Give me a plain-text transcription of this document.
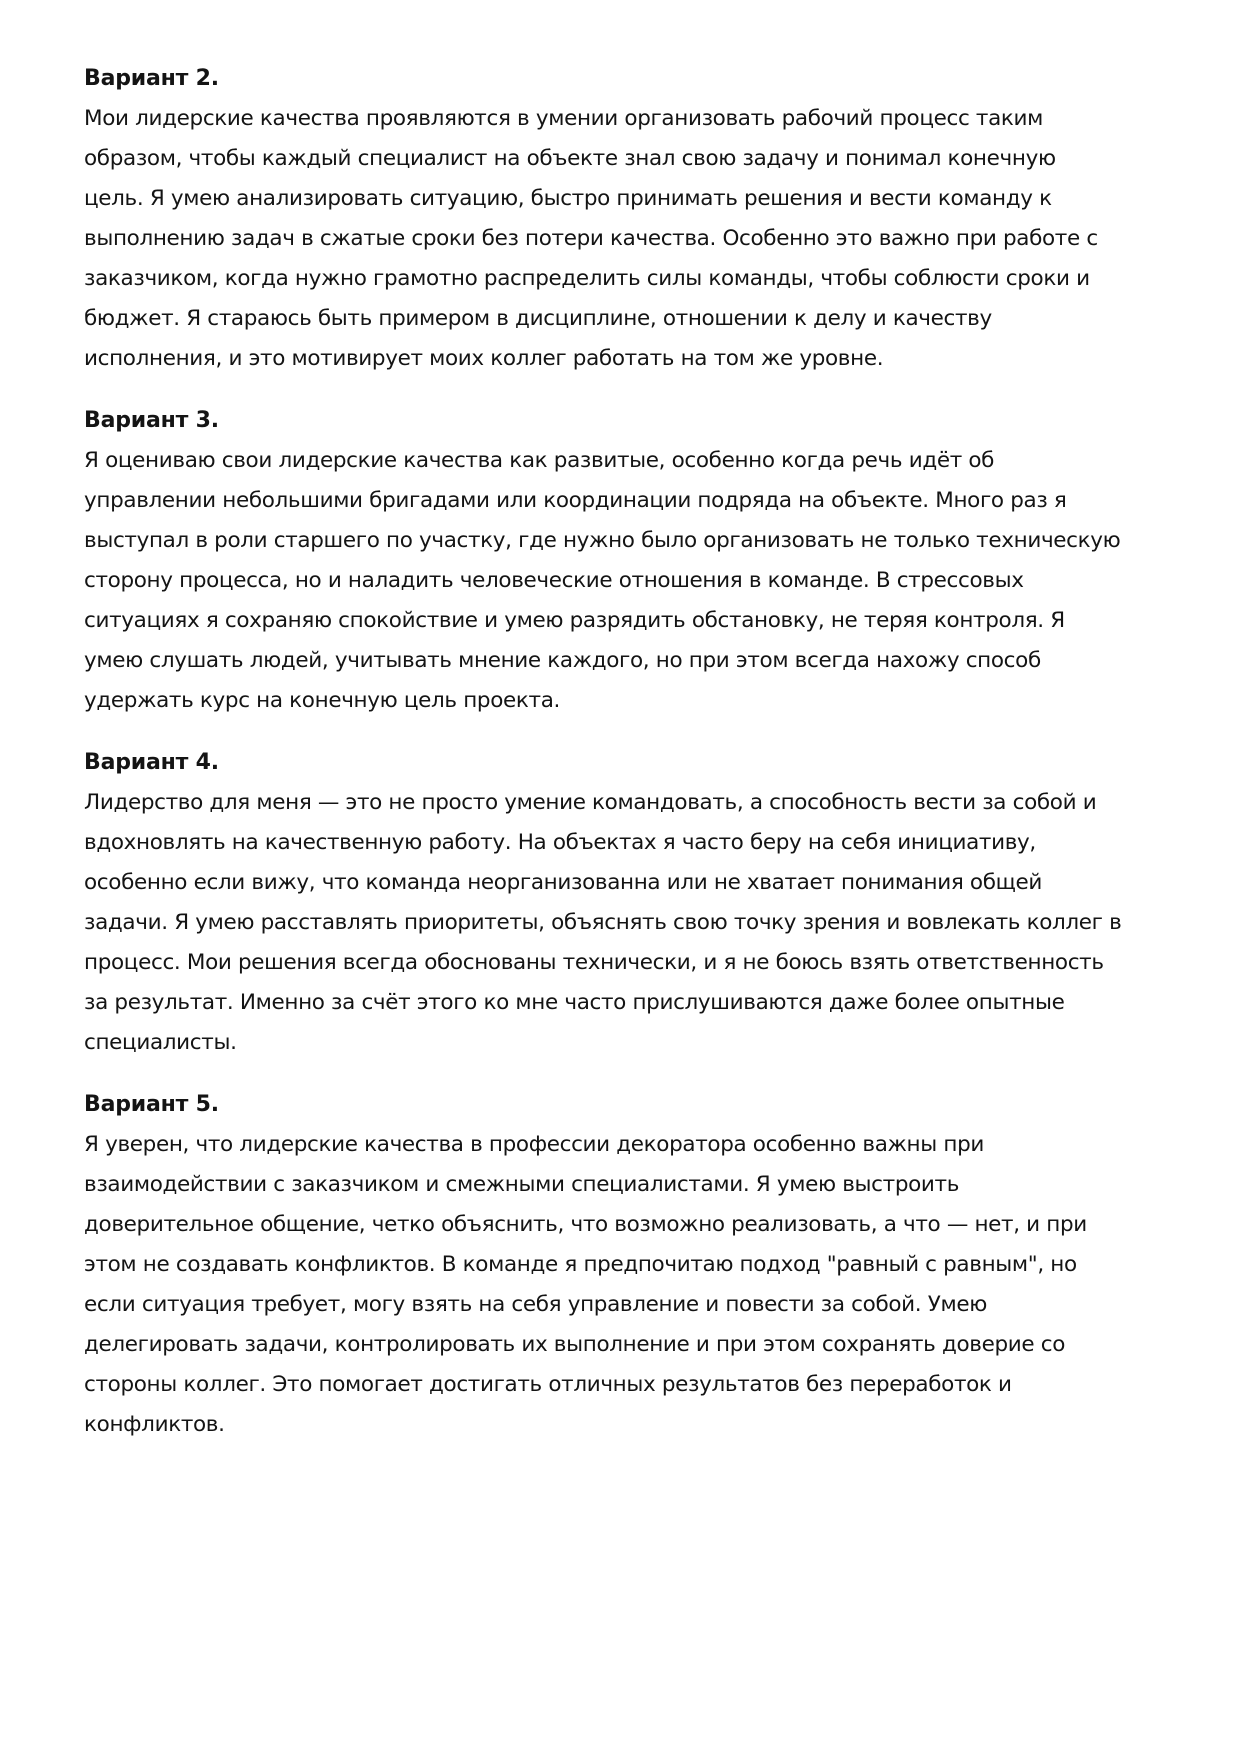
Вариант 2.

Мои лидерские качества проявляются в умении организовать рабочий процесс таким

образом, чтобы каждый специалист на объекте знал свою задачу и понимал конечную

цель. Я умею анализировать ситуацию, быстро принимать решения и вести команду к

выполнению задач в сжатые сроки без потери качества. Особенно это важно при работе с

заказчиком, когда нужно грамотно распределить силы команды, чтобы соблюсти сроки и

бюджет. Я стараюсь быть примером в дисциплине, отношении к делу и качеству

исполнения, и это мотивирует моих коллег работать на том же уровне.

Вариант 3.

Я оцениваю свои лидерские качества как развитые, особенно когда речь идёт об

управлении небольшими бригадами или координации подряда на объекте. Много раз я

выступал в роли старшего по участку, где нужно было организовать не только техническую

сторону процесса, но и наладить человеческие отношения в команде. В стрессовых

ситуациях я сохраняю спокойствие и умею разрядить обстановку, не теряя контроля. Я

умею слушать людей, учитывать мнение каждого, но при этом всегда нахожу способ

удержать курс на конечную цель проекта.

Вариант 4.

Лидерство для меня — это не просто умение командовать, а способность вести за собой и

вдохновлять на качественную работу. На объектах я часто беру на себя инициативу,

особенно если вижу, что команда неорганизованна или не хватает понимания общей

задачи. Я умею расставлять приоритеты, объяснять свою точку зрения и вовлекать коллег в

процесс. Мои решения всегда обоснованы технически, и я не боюсь взять ответственность

за результат. Именно за счёт этого ко мне часто прислушиваются даже более опытные

специалисты.

Вариант 5.

Я уверен, что лидерские качества в профессии декоратора особенно важны при

взаимодействии с заказчиком и смежными специалистами. Я умею выстроить

доверительное общение, четко объяснить, что возможно реализовать, а что — нет, и при

этом не создавать конфликтов. В команде я предпочитаю подход "равный с равным", но

если ситуация требует, могу взять на себя управление и повести за собой. Умею

делегировать задачи, контролировать их выполнение и при этом сохранять доверие со

стороны коллег. Это помогает достигать отличных результатов без переработок и

конфликтов.
